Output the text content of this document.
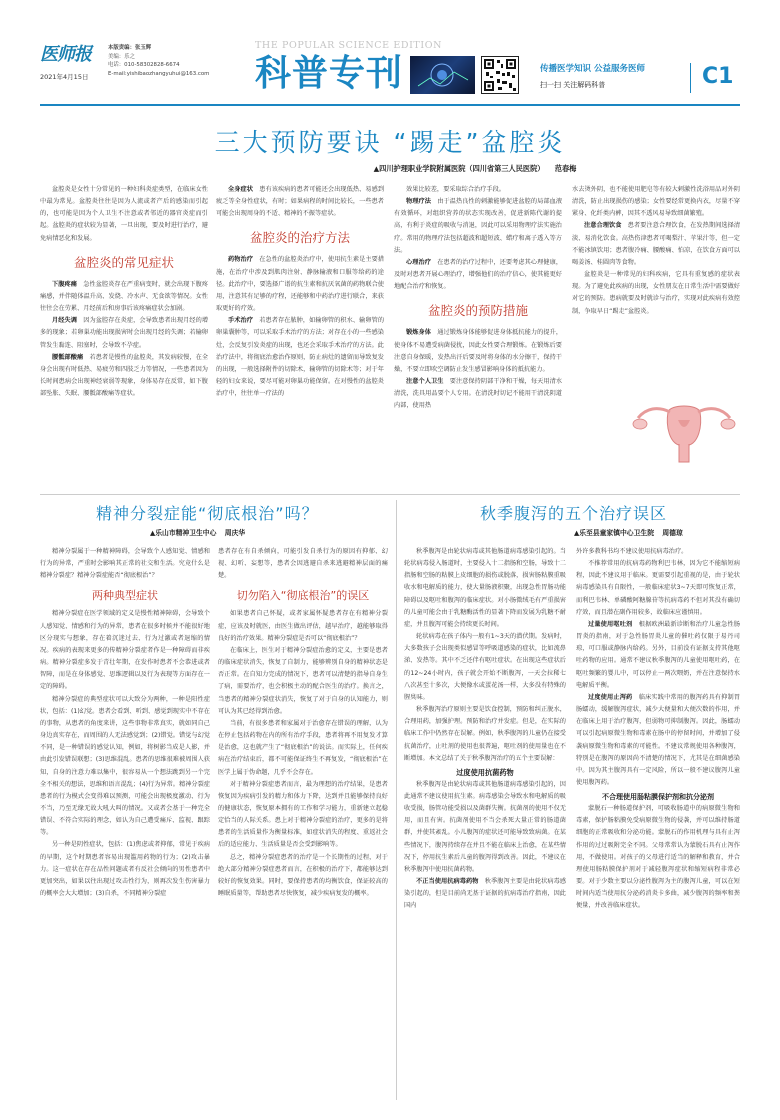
医师报
2021年4月15日
本版责编：张玉辉
美编：乐之
电话：010-58302828-6674
E-mail:yishibaozhangyuhui@163.com
THE POPULAR SCIENCE EDITION
科普专刊	传播医学知识 公益服务医师
扫一扫 关注解码科普	C1
三大预防要诀 “踢走”盆腔炎
▲四川护理职业学院附属医院（四川省第三人民医院） 范春梅

盆腔炎是女性十分常见的一种妇科炎症类型，在临床女性中最为常见。盆腔炎往往是因为人流或者产后的感染而引起的，也可能是因为个人卫生不注意或者邻近的器官炎症而引起。盆腔炎的症状较为显著，一旦出现，要及时进行治疗，避免病情恶化和发展。

盆腔炎的常见症状

下腹疼痛　 急性盆腔炎存在严重病变时，就会出现下腹疼痛感，并伴随体温升高、发烧、冷水声、无食欲等情况。女性往往会在劳累、月经前后和房事后该疼痛症状会加剧。

月经失调　 因为盆腔存在炎症，会导致患者出现月经的增多的现象；若卵巢功能出现损害时会出现月经的失调；若输卵管发生黏连、阻塞时，会导致不孕症。

腰骶部酸痛　 若患者是慢性的盆腔炎，其发病较慢，在全身会出现有时低热、易疲劳和四肢乏力等情况，一些患者因为长时间患病会出现神经衰弱等现象，身体易存在反常，如下腹部坠胀、失眠、腰骶部酸痛等症状。

全身症状　 患有该疾病的患者可能还会出现低热、易感到疲乏等全身性症状，有时；如果病程的时间比较长，一些患者可能会出现周身的不适、精神的不振等症状。

盆腔炎的治疗方法

药物治疗　 在急性的盆腔炎治疗中，使用抗生素是主要措施，在治疗中涉及到肌肉注射、静脉输液和口服等给药的途径。此治疗中，要选择广谱的抗生素和抗厌氧菌的药物联合使用，注意其有足够的疗程，还能够和中药治疗进行联合，来获取更好的疗效。

手术治疗　 若患者存在脓肿，如输卵管的积水、输卵管的卵巢囊肿等，可以采取手术治疗的方法；对存在小的一些感染灶，会反复引发炎症的出现，也还会采取手术治疗的方法。此治疗法中，将彻底治愈治作原则，防止病灶的遗留而导致复发的出现，一般选择附件的切除术，输卵管的切除术等；对于年轻的妇女来说，要尽可能对卵巢功能保留。在对慢性的盆腔炎治疗中，往往单一疗法的

效果比较差，要采取综合治疗手段。

物理疗法　 由于温热良性的刺激能够促进盆腔的局部血液有效循环，对组织营养的状态实现改善，促进新陈代谢的提高，有利于炎症的吸收与消退，因此可以采用物理疗法实施治疗。常用的物理疗法包括超波和超短波、蜡疗和离子透入等方法。

心理治疗　 在患者的治疗过程中，还要考虑其心理健康，及时对患者开展心理治疗，增强他们的治疗信心，使其能更好地配合治疗和恢复。

盆腔炎的预防措施

锻炼身体　 通过锻炼身体能够促进身体抵抗能力的提升，使身体不易遭受病菌侵扰，因此女性要合理锻炼。在锻炼后要注意自身保暖，发热出汗后要及时将身体的水分擦干，保持干燥，不要立即吹空调防止发生感冒影响身体的抵抗能力。

注意个人卫生　 要注意保持阴部干净和干燥，每天用清水清洗，洗具用品要个人专用。在清洗时切记不能用干清洗阴道内部，使用热

水去烫外阴，也不能使用肥皂等有较大刺激性洗浴用品对外阴清洗，防止出现损伤的感染；女性要经常更换内衣，尽量不穿紧身、化纤类内裤，因其不透风易导致细菌繁殖。

注意合理饮食　 患者要注意合理饮食，在发热期间选择清淡、易消化饮食。高热伤津患者可喝梨汁、苹果汁等，但一定不能冰镇饮用；患者腹冷痛、腰酸痛、怕凉，在饮食方面可以喝姜汤、桂圆肉等食物。

盆腔炎是一种常见的妇科疾病，它具有重复感的症状表现。为了避免此疾病的出现，女性朋友在日常生活中需要做好对它的预防。患病就要及时就诊与治疗，实现对此疾病有效控制，争取早日“踢走”盆腔炎。

精神分裂症能“彻底根治”吗？
▲乐山市精神卫生中心 周庆华

精神分裂属于一种精神障碍，会导致个人感知觉、情感和行为的异常，严重时会影响其正常的社交和生活。究竟什么是精神分裂症？精神分裂症能否“彻底根治”？

两种典型症状

精神分裂症在医学领域的定义是慢性精神障碍，会导致个人感知觉、情感和行为的异常，患者在很多时候并不能很好地区分现实与想象，存在着沉迷过去、行为过激或者退缩的情况。疾病的表现来更多的传精神分裂症者作是一种障碍而非疾病。精神分裂症多发于青壮年期，在发作时患者不会恭进或者智障，而是在身体感觉、思维逻辑以及行为表现等方面存在一定的障碍。

精神分裂症的典型症状可以大致分为两种，一种是阳性症状，包括：(1)幻觉。患者会看到、听到、感觉到现实中不存在的事物，从患者的角度来讲，这些事物非常真实，就如同自己身边真实存在，而周围的人无法感觉到；(2)错觉。错觉与幻觉不同，是一种错误的感觉认知，例如，将树影当成是人影，并由此引发错误联想；(3)思维混乱。患者的思维很难被周围人获知，自身的注意力难以集中，很容易从一个想法跳到另一个完全不相关的想法，思维和语言混乱；(4)行为异常。精神分裂症患者的行为模式会变得难以预测，可能会出现极度激动、行为不当，乃至无缘无故大吼大叫的情况。又或者会基于一种完全错误、不符合实际的理念，如认为自己遭受痛斥、监视、跟踪等。

另一种是阴性症状，包括：(1)焦虑或者抑郁，常见于疾病的早期，这个时期患者容易出现滥用药物的行为；(2)攻击暴力。这一症状在存在品性问题或者有反社会倾向的男性患者中更加突出，如果以往出现过攻击性行为，则再次发生伤害暴力的概率会大大增加；(3)自杀，不同精神分裂症

患者存在有自杀倾向，可能引发自杀行为的原因有抑郁、幻视、幻听、妄想等，患者会因逃避自杀来逃避精神层面的痛楚。

切勿陷入“彻底根治”的误区

如果患者自己怀疑，或者家属怀疑患者存在有精神分裂症，应该及时就医，由医生做出评估，越早治疗，越能够取得良好的治疗效果。精神分裂症是否可以“彻底根治”？

在临床上，医生对于精神分裂症治愈的定义，主要是患者的临床症状消失，恢复了自制力，能够辨别自身的精神状态是否正常。在自知力完成的情况下，患者可以清楚的指导自身生了病，需要治疗，也会积极主动的配合医生的治疗。换言之，当患者的精神分裂症状消失，恢复了对于自身的认知能力，则可认为其已经得到治愈。

当前，有很多患者和家属对于治愈存在错误的理解，认为在停止包括药物在内的所有治疗手段，患者将再不用复发才算是治愈，这也就产生了“彻底根治”的说法。而实际上，任何疾病在治疗结束后，都不可能保证终生不再复发，“彻底根治”在医学上属于伪命题，几乎不会存在。

对于精神分裂症患者而言，最为理想的治疗结果，是患者恢复因为疾病引发的精力和体力下降，达到并且能够保持良好的健康状态，恢复原本拥有的工作和学习能力，重新建立起稳定恰当的人际关系。患上对于精神分裂症的治疗，更多的是将患者的生活质量作为衡量标准，如症状消失的程度、重返社会后的适应能力、生活质量是否会受到影响等。

总之，精神分裂症患者的治疗是一个长期性的过程，对于绝大部分精神分裂症患者而言，在积极的治疗下，都能够达到较好的恢复效果。同时，要保持患者的均衡饮食，保证较高的睡眠质量等，帮助患者尽快恢复，减少疾病复发的概率。

秋季腹泻的五个治疗误区
▲乐至县童家镇中心卫生院 周德琼

秋季腹泻是由轮状病毒或其他肠道病毒感染引起的。当轮状病毒侵入肠道时，主要侵入十二指肠和空肠，导致十二指肠和空肠的粘膜上皮细胞的损伤或脱落，损害肠粘膜重吸收水和电解质的能力，使大量肠液积聚，出现急性胃肠功能障碍以及呕吐和腹泻的临床症状。对小肠微绒毛有严重损害的儿童可能会由于乳糖酶活性的显著下降而发展为乳糖不耐症，并且腹泻可能会持续更长时间。

轮状病毒在孩子体内一般有1~3天的潜伏期。发病时，大多数孩子会出现类似感冒等呼吸道感染的症状，比如流鼻涕、发热等。其中不乏还伴有呕吐症状。在出现这些症状后的12~24小时内，孩子就会开始不断腹泻，一天会拉稀七八次甚至十多次，大便像水或蛋花汤一样，大多没有特殊的腥臭味。

秋季腹泻治疗原则主要是饮食控制，预防和纠正脱水，合理用药，加强护理。预防和治疗并发症。但是，在实际的临床工作中仍然存在误解。例如，秋季腹泻的儿童仍在接受抗菌治疗，止吐剂的使用也很普遍，呕吐剂的使用量也在不断增加。本文总结了关于秋季腹泻治疗的五个主要误解：

过度使用抗菌药物

秋季腹泻是由轮状病毒或其他肠道病毒感染引起的，因此通常不建议使用抗生素。病毒感染会导致水和电解质的吸收受损，肠管功能受损以及菌群失衡。抗菌剂的使用不仅无用，而且有害。抗菌剂使用不当会杀死大量正常的肠道菌群，并使其紊乱。小儿腹泻的症状还可能导致致病菌。在某些情况下，腹泻持续存在并且不能在临床上治愈，在某些情况下，停用抗生素后儿童的腹泻得到改善。因此，不建议在秋季腹泻中使用抗菌药物。

不正当使用抗病毒药物　 秋季腹泻主要是由轮状病毒感染引起的，但是目前尚无基于证据的抗病毒治疗指南，因此国内

外许多教科书均不建议使用抗病毒治疗。

不推荐常用的抗病毒药物利巴韦林，因为它不能缩短病程，因此不建议用于临床。更需要引起重视的是，由于轮状病毒感染具有自限性，一般临床症状3~7天即可恢复正常，而利巴韦林、单磷酸阿糖腺苷等抗病毒药不但对其没有确切疗效，而且潜在副作用较多，故临床应谨慎用。

过量使用呕吐剂　 根据欧洲最新诊断和治疗儿童急性肠胃炎的指南，对于急性肠胃炎儿童的催吐药仅限于易丹司琼，可口服或静脉内给药。另外，目前没有证据支持其他呕吐药物的应用。通常不建议秋季腹泻的儿童使用呕吐药，在呕吐频繁的婴儿中，可以停止一两次喂奶，并在注意保持水电解质平衡。

过度使用止泻药　 临床实践中常用的腹泻药具有抑制胃肠蠕动，缓解腹泻症状，减少大便量和大便次数的作用，并在临床上用于治疗腹泻，但弱物可抑制腹泻。因此，肠蠕动可以引起病原微生物和毒素在肠中的停留时间，并增加了侵袭病原微生物和毒素的可能性。不建议常规使用各种腹泻，特别是在腹泻的原因尚不清楚的情况下，尤其是在细菌感染中。因为其主腹泻具有一定风险，所以一般不建议腹泻儿童使用腹泻药。

不合理使用肠粘膜保护剂和抗分泌剂

蒙脱石一种肠道保护剂，可吸收肠道中的病原微生物和毒素，保护肠粘膜免受病原微生物的侵袭，并可以维持肠道细胞的正常吸收和分泌功能。蒙脱石的作用机理与具有止泻作用的过过吸附完全不同。父母常常认为蒙脱石具有止泻作用，不做使用。对孩子的父母进行适当的解释和教育，并合理使用肠粘膜保护剂对于减轻腹泻症状和缩短病程非常必要。对于少数主要以分泌性腹泻为主的腹泻儿童，可以在短时间内适当使用抗分泌药消炎卡多曲，减少腹泻的频率和粪便量，并改善临床症状。
